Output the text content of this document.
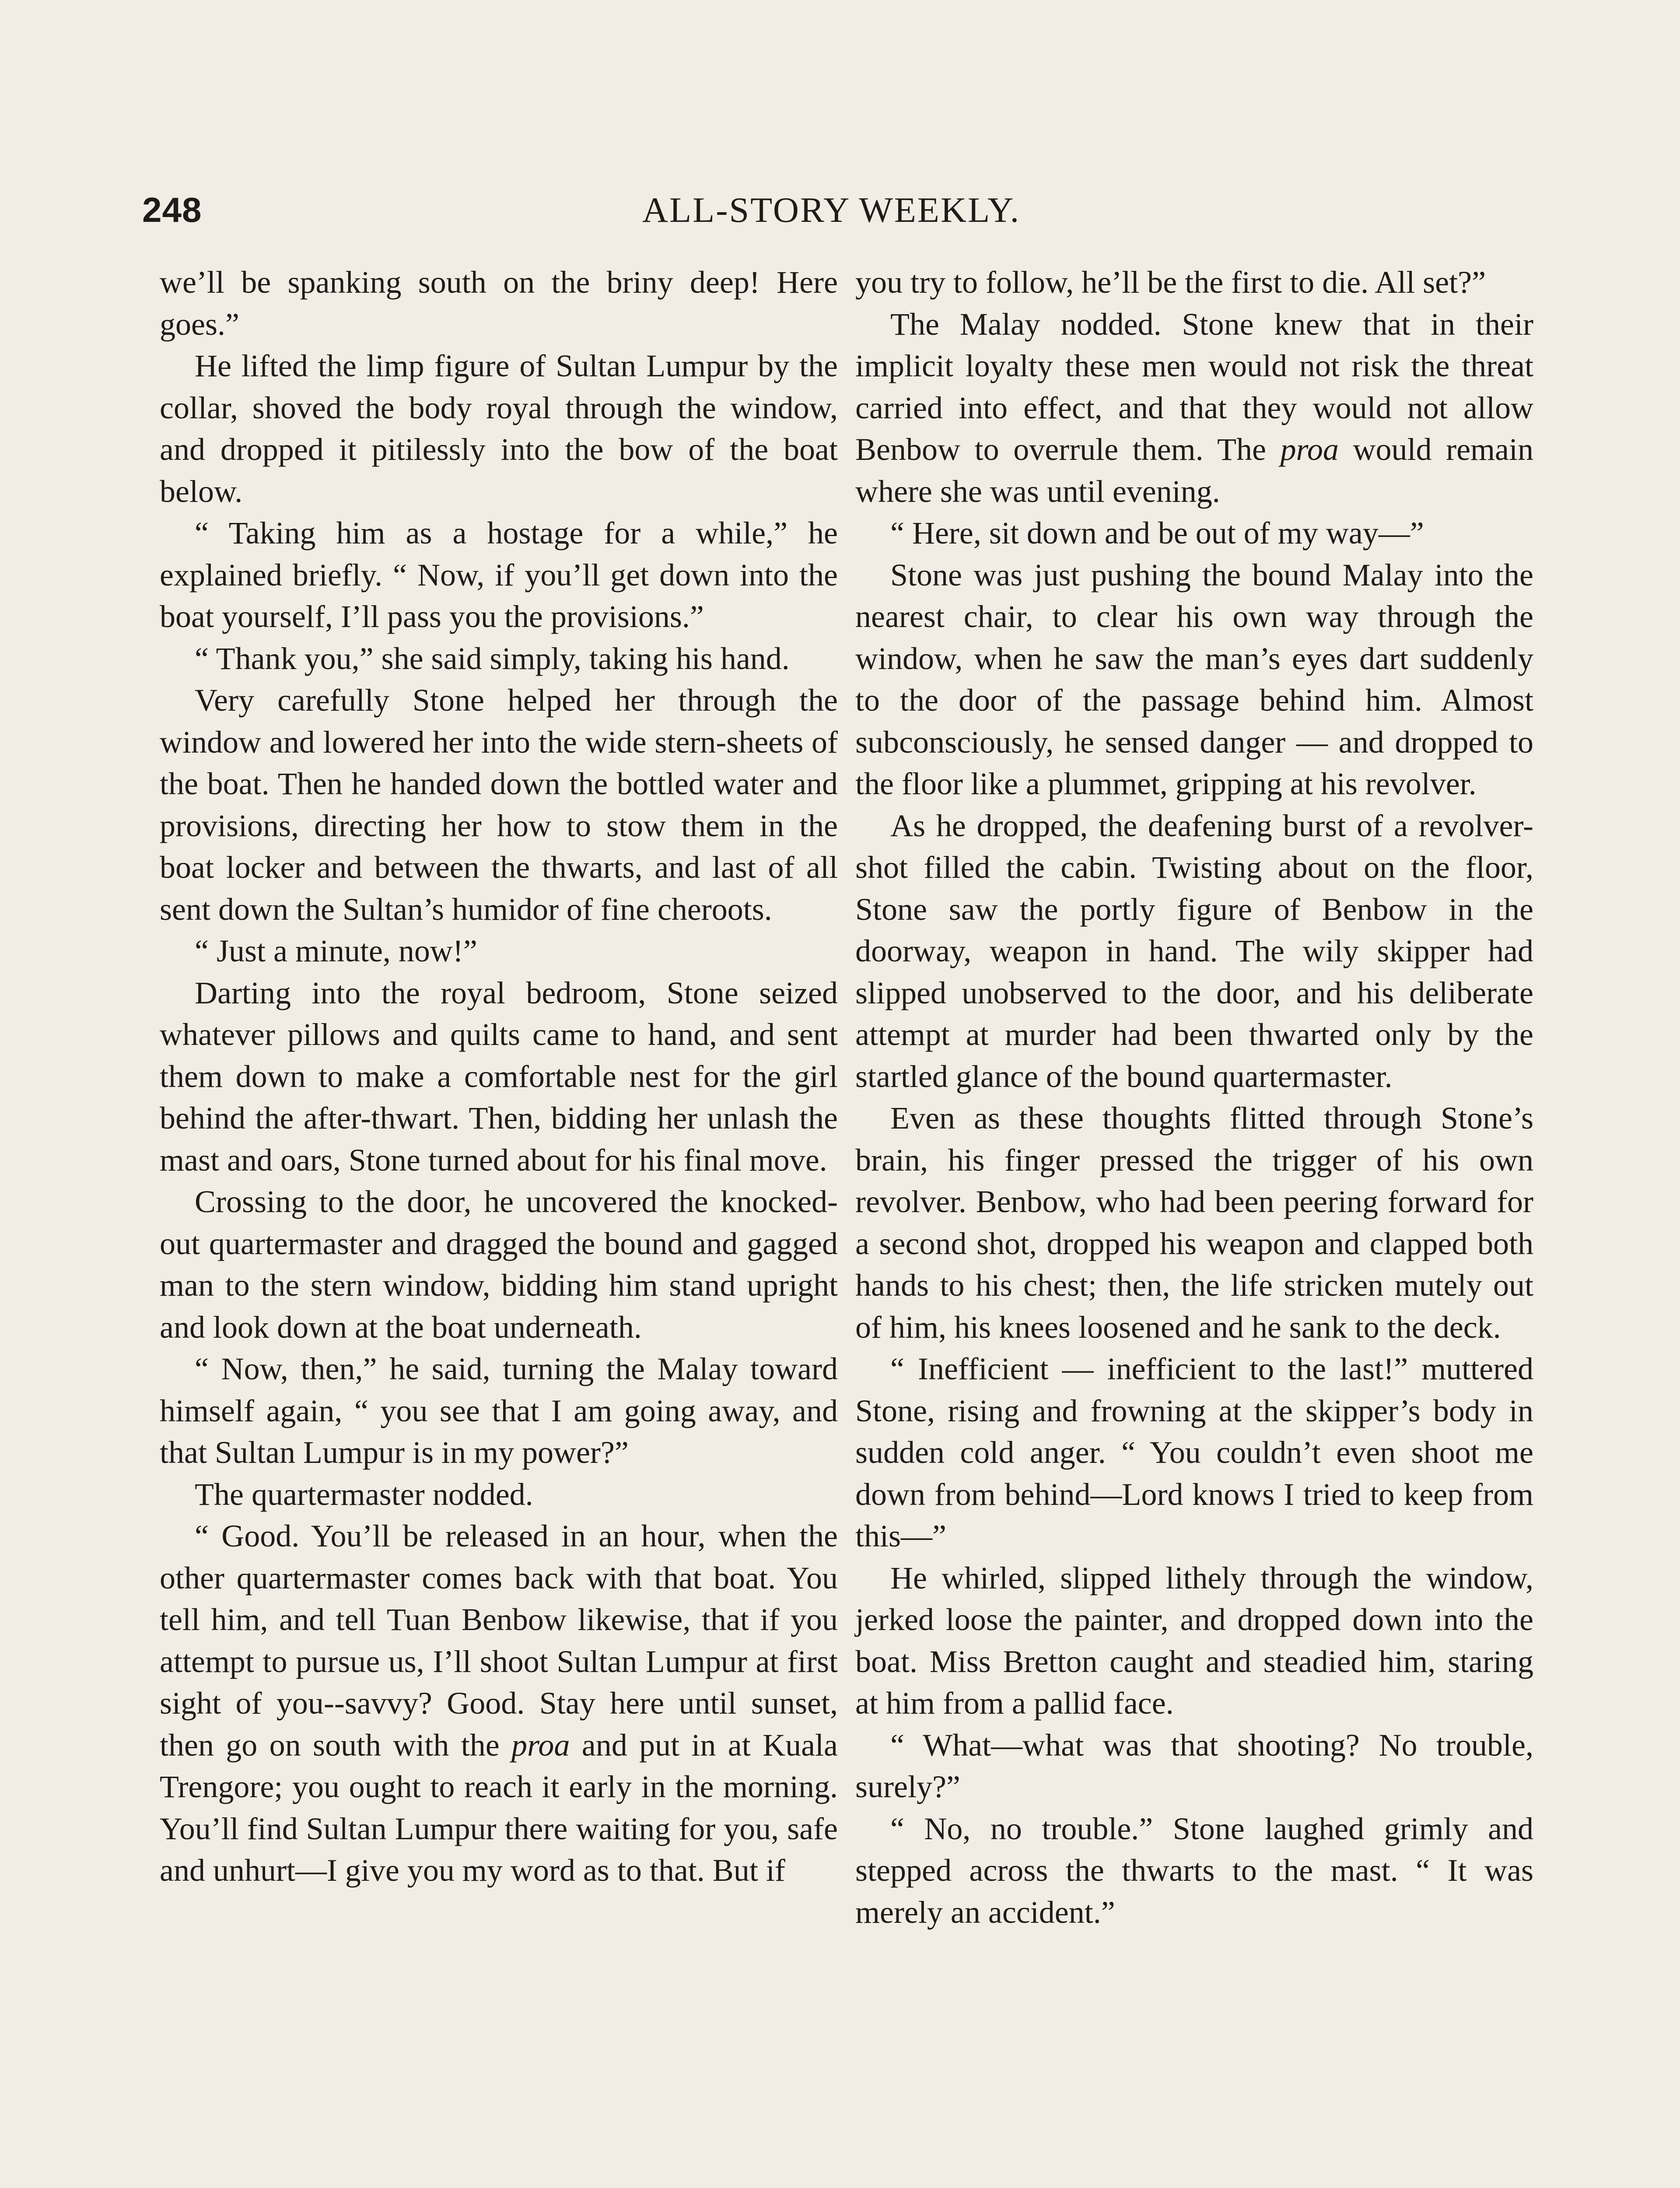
248	ALL-STORY WEEKLY.

we’ll be spanking south on the briny deep! Here goes.”

He lifted the limp figure of Sultan Lumpur by the collar, shoved the body royal through the window, and dropped it pitilessly into the bow of the boat below.

“ Taking him as a hostage for a while,” he explained briefly. “ Now, if you’ll get down into the boat yourself, I’ll pass you the provisions.”

“ Thank you,” she said simply, taking his hand.

Very carefully Stone helped her through the window and lowered her into the wide stern-sheets of the boat. Then he handed down the bottled water and provisions, directing her how to stow them in the boat locker and between the thwarts, and last of all sent down the Sultan’s humidor of fine cheroots.

“ Just a minute, now!”

Darting into the royal bedroom, Stone seized whatever pillows and quilts came to hand, and sent them down to make a comfortable nest for the girl behind the after-thwart. Then, bidding her unlash the mast and oars, Stone turned about for his final move.

Crossing to the door, he uncovered the knocked-out quartermaster and dragged the bound and gagged man to the stern window, bidding him stand upright and look down at the boat underneath.

“ Now, then,” he said, turning the Malay toward himself again, “ you see that I am going away, and that Sultan Lumpur is in my power?”

The quartermaster nodded.

“ Good. You’ll be released in an hour, when the other quartermaster comes back with that boat. You tell him, and tell Tuan Benbow likewise, that if you attempt to pursue us, I’ll shoot Sultan Lumpur at first sight of you--savvy? Good. Stay here until sunset, then go on south with the proa and put in at Kuala Trengore; you ought to reach it early in the morning. You’ll find Sultan Lumpur there waiting for you, safe and unhurt—I give you my word as to that. But if

you try to follow, he’ll be the first to die. All set?”

The Malay nodded. Stone knew that in their implicit loyalty these men would not risk the threat carried into effect, and that they would not allow Benbow to overrule them. The proa would remain where she was until evening.

“ Here, sit down and be out of my way—”

Stone was just pushing the bound Malay into the nearest chair, to clear his own way through the window, when he saw the man’s eyes dart suddenly to the door of the passage behind him. Almost subconsciously, he sensed danger — and dropped to the floor like a plummet, gripping at his revolver.

As he dropped, the deafening burst of a revolver-shot filled the cabin. Twisting about on the floor, Stone saw the portly figure of Benbow in the doorway, weapon in hand. The wily skipper had slipped unobserved to the door, and his deliberate attempt at murder had been thwarted only by the startled glance of the bound quartermaster.

Even as these thoughts flitted through Stone’s brain, his finger pressed the trigger of his own revolver. Benbow, who had been peering forward for a second shot, dropped his weapon and clapped both hands to his chest; then, the life stricken mutely out of him, his knees loosened and he sank to the deck.

“ Inefficient — inefficient to the last!” muttered Stone, rising and frowning at the skipper’s body in sudden cold anger. “ You couldn’t even shoot me down from behind—Lord knows I tried to keep from this—”

He whirled, slipped lithely through the window, jerked loose the painter, and dropped down into the boat. Miss Bretton caught and steadied him, staring at him from a pallid face.

“ What—what was that shooting? No trouble, surely?”

“ No, no trouble.” Stone laughed grimly and stepped across the thwarts to the mast. “ It was merely an accident.”
